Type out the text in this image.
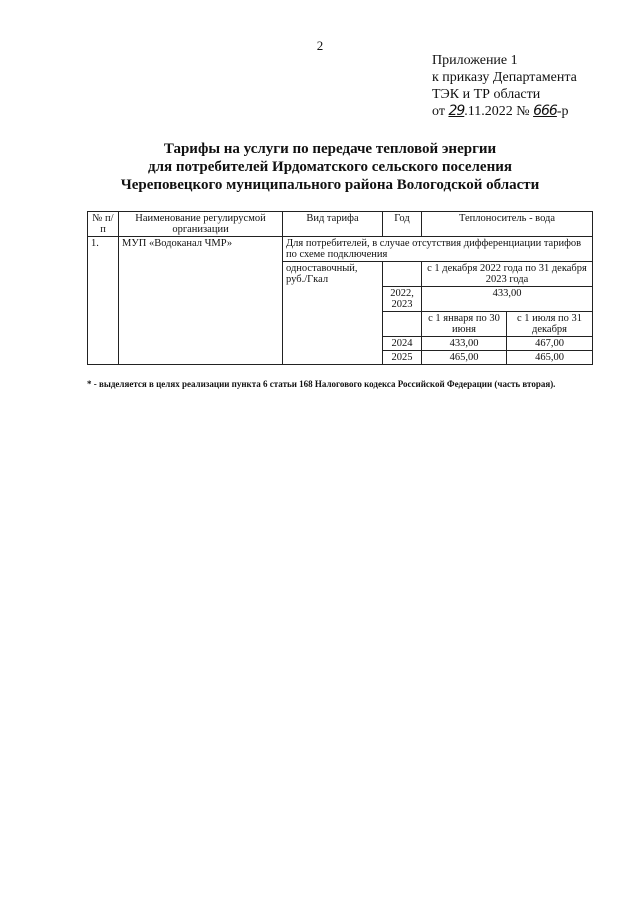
2
Приложение 1
к приказу Департамента
ТЭК и ТР области
от 29.11.2022 № 666-р
Тарифы на услуги по передаче тепловой энергии
для потребителей Ирдоматского сельского поселения
Череповецкого муниципального района Вологодской области
№ п/п	Наименование регулирусмой организации	Вид тарифа	Год	Теплоноситель - вода	
1.	МУП «Водоканал ЧМР»	Для потребителей, в случае отсутствия дифференциации тарифов по схеме подключения			
		одноставочный, руб./Гкал		с 1 декабря 2022 года по 31 декабря 2023 года	
			2022, 2023	433,00	
				с 1 января по 30 июня	с 1 июля по 31 декабря
			2024	433,00	467,00
			2025	465,00	465,00
* - выделяется в целях реализации пункта 6 статьи 168 Налогового кодекса Российской Федерации (часть вторая).
